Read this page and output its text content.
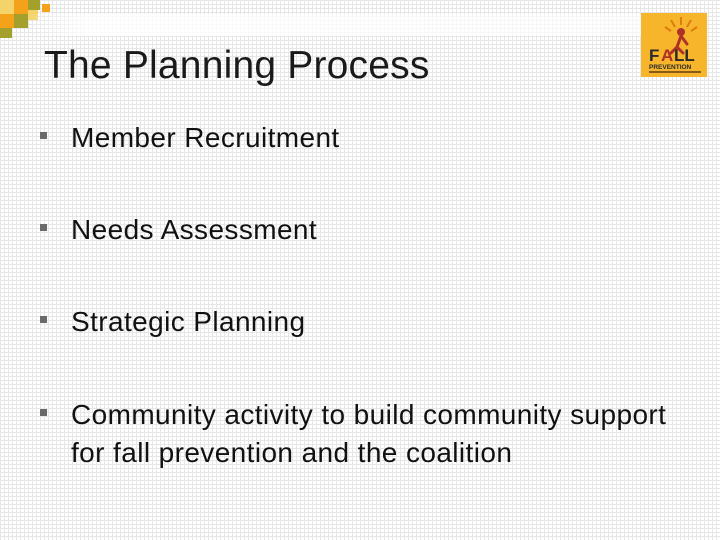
The Planning Process	F A LL
PREVENTION
Member Recruitment
Needs Assessment
Strategic Planning
Community activity to build community support for fall prevention and the coalition
